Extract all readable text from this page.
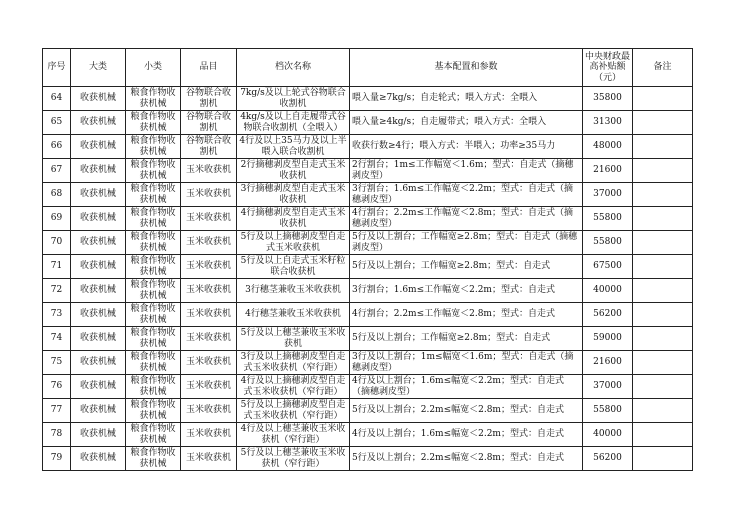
序号	大类	小类	品目	档次名称	基本配置和参数	中央财政最高补贴额（元）	备注
64	收获机械	粮食作物收获机械	谷物联合收割机	7kg/s及以上轮式谷物联合收割机	喂入量≥7kg/s；自走轮式；喂入方式：全喂入	35800	
65	收获机械	粮食作物收获机械	谷物联合收割机	4kg/s及以上自走履带式谷物联合收割机（全喂入）	喂入量≥4kg/s；自走履带式；喂入方式：全喂入	31300	
66	收获机械	粮食作物收获机械	谷物联合收割机	4行及以上35马力及以上半喂入联合收割机	收获行数≥4行；喂入方式：半喂入；功率≥35马力	48000	
67	收获机械	粮食作物收获机械	玉米收获机	2行摘穗剥皮型自走式玉米收获机	2行割台；1m≤工作幅宽＜1.6m；型式：自走式（摘穗剥皮型）	21600	
68	收获机械	粮食作物收获机械	玉米收获机	3行摘穗剥皮型自走式玉米收获机	3行割台；1.6m≤工作幅宽＜2.2m；型式：自走式（摘穗剥皮型）	37000	
69	收获机械	粮食作物收获机械	玉米收获机	4行摘穗剥皮型自走式玉米收获机	4行割台；2.2m≤工作幅宽＜2.8m；型式：自走式（摘穗剥皮型）	55800	
70	收获机械	粮食作物收获机械	玉米收获机	5行及以上摘穗剥皮型自走式玉米收获机	5行及以上割台；工作幅宽≥2.8m；型式：自走式（摘穗剥皮型）	55800	
71	收获机械	粮食作物收获机械	玉米收获机	5行及以上自走式玉米籽粒联合收获机	5行及以上割台；工作幅宽≥2.8m；型式：自走式	67500	
72	收获机械	粮食作物收获机械	玉米收获机	3行穗茎兼收玉米收获机	3行割台；1.6m≤工作幅宽＜2.2m；型式：自走式	40000	
73	收获机械	粮食作物收获机械	玉米收获机	4行穗茎兼收玉米收获机	4行割台；2.2m≤工作幅宽＜2.8m；型式：自走式	56200	
74	收获机械	粮食作物收获机械	玉米收获机	5行及以上穗茎兼收玉米收获机	5行及以上割台；工作幅宽≥2.8m；型式：自走式	59000	
75	收获机械	粮食作物收获机械	玉米收获机	3行及以上摘穗剥皮型自走式玉米收获机（窄行距）	3行及以上割台；1m≤幅宽＜1.6m；型式：自走式（摘穗剥皮型）	21600	
76	收获机械	粮食作物收获机械	玉米收获机	4行及以上摘穗剥皮型自走式玉米收获机（窄行距）	4行及以上割台；1.6m≤幅宽＜2.2m；型式：自走式（摘穗剥皮型）	37000	
77	收获机械	粮食作物收获机械	玉米收获机	5行及以上摘穗剥皮型自走式玉米收获机（窄行距）	5行及以上割台；2.2m≤幅宽＜2.8m；型式：自走式	55800	
78	收获机械	粮食作物收获机械	玉米收获机	4行及以上穗茎兼收玉米收获机（窄行距）	4行及以上割台；1.6m≤幅宽＜2.2m；型式：自走式	40000	
79	收获机械	粮食作物收获机械	玉米收获机	5行及以上穗茎兼收玉米收获机（窄行距）	5行及以上割台；2.2m≤幅宽＜2.8m；型式：自走式	56200	
